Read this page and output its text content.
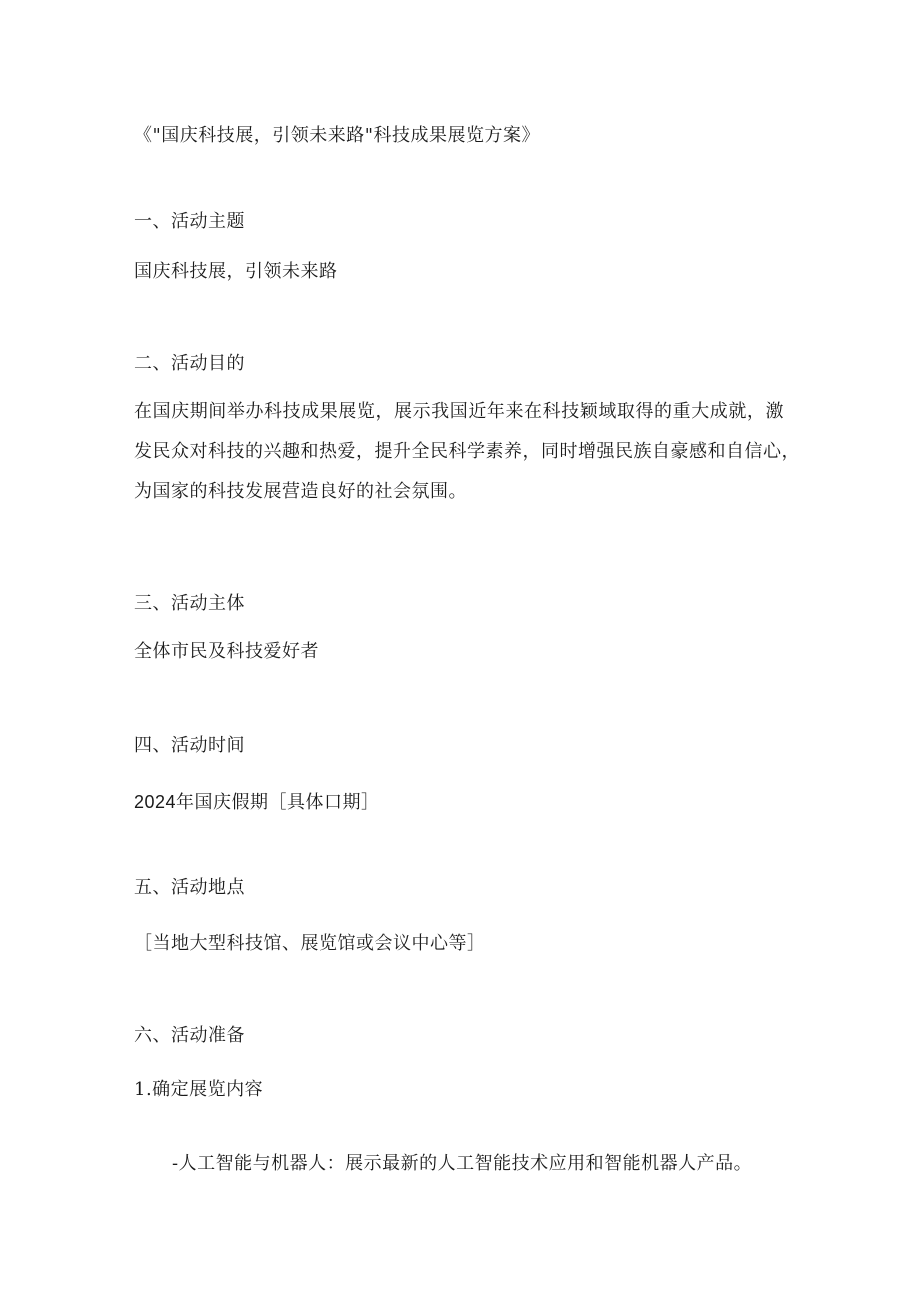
《"国庆科技展，引领未来路"科技成果展览方案》
一、活动主题
国庆科技展，引领未来路
二、活动目的
在国庆期间举办科技成果展览，展示我国近年来在科技颖域取得的重大成就，激
发民众对科技的兴趣和热爱，提升全民科学素养，同时增强民族自豪感和自信心，
为国家的科技发展营造良好的社会氛围。
三、活动主体
全体市民及科技爱好者
四、活动时间
2024年国庆假期［具体口期］
五、活动地点
［当地大型科技馆、展览馆或会议中心等］
六、活动准备
1.确定展览内容
-人工智能与机器人：展示最新的人工智能技术应用和智能机器人产品。
